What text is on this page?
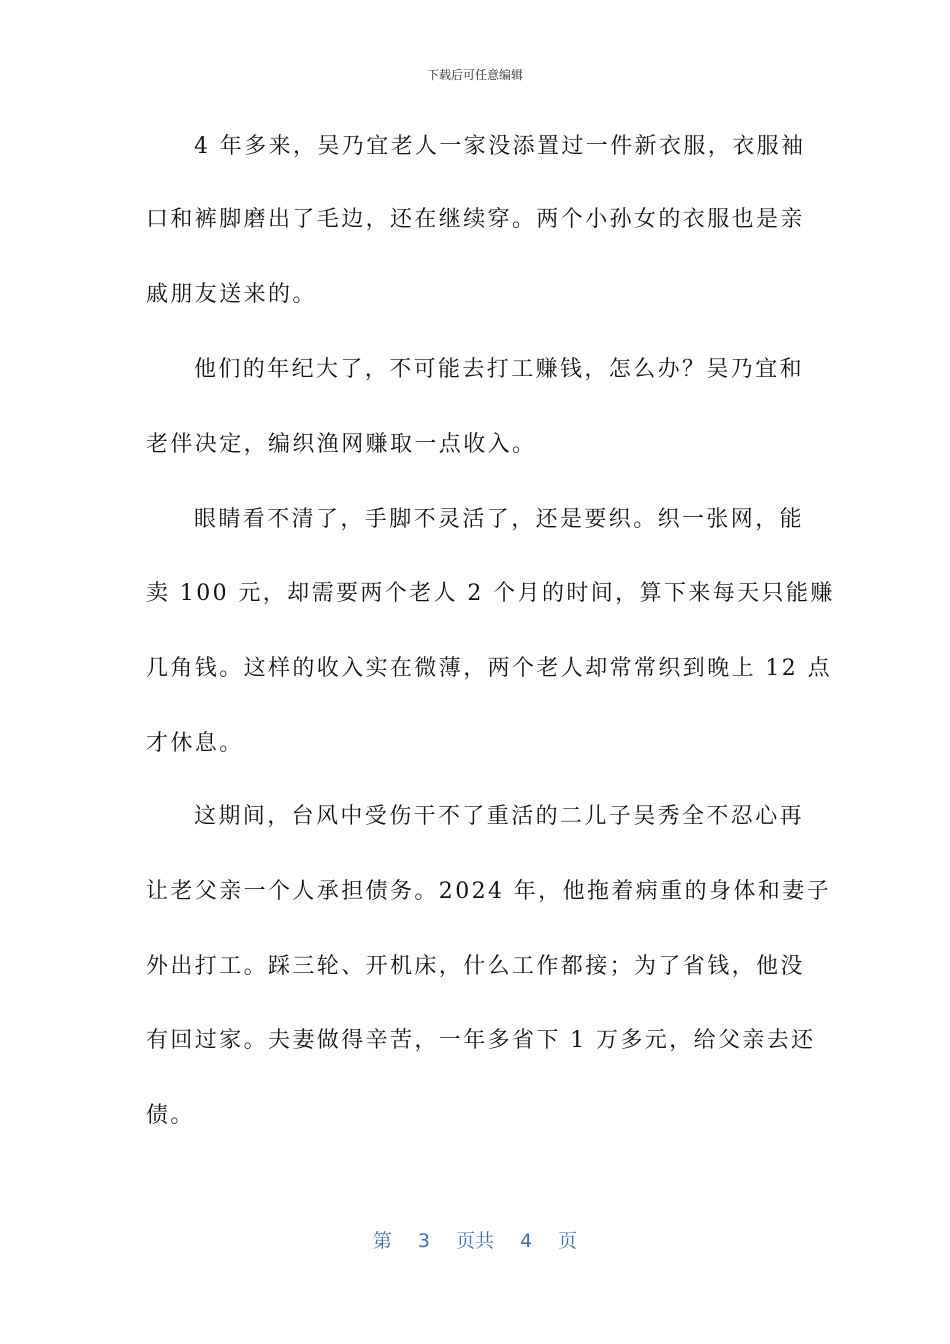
下载后可任意编辑
4 年多来，吴乃宜老人一家没添置过一件新衣服，衣服袖
口和裤脚磨出了毛边，还在继续穿。两个小孙女的衣服也是亲
戚朋友送来的。
他们的年纪大了，不可能去打工赚钱，怎么办？吴乃宜和
老伴决定，编织渔网赚取一点收入。
眼睛看不清了，手脚不灵活了，还是要织。织一张网，能
卖 100 元，却需要两个老人 2 个月的时间，算下来每天只能赚
几角钱。这样的收入实在微薄，两个老人却常常织到晚上 12 点
才休息。
这期间，台风中受伤干不了重活的二儿子吴秀全不忍心再
让老父亲一个人承担债务。2024 年，他拖着病重的身体和妻子
外出打工。踩三轮、开机床，什么工作都接；为了省钱，他没
有回过家。夫妻做得辛苦，一年多省下 1 万多元，给父亲去还
债。
第 3 页共 4 页
